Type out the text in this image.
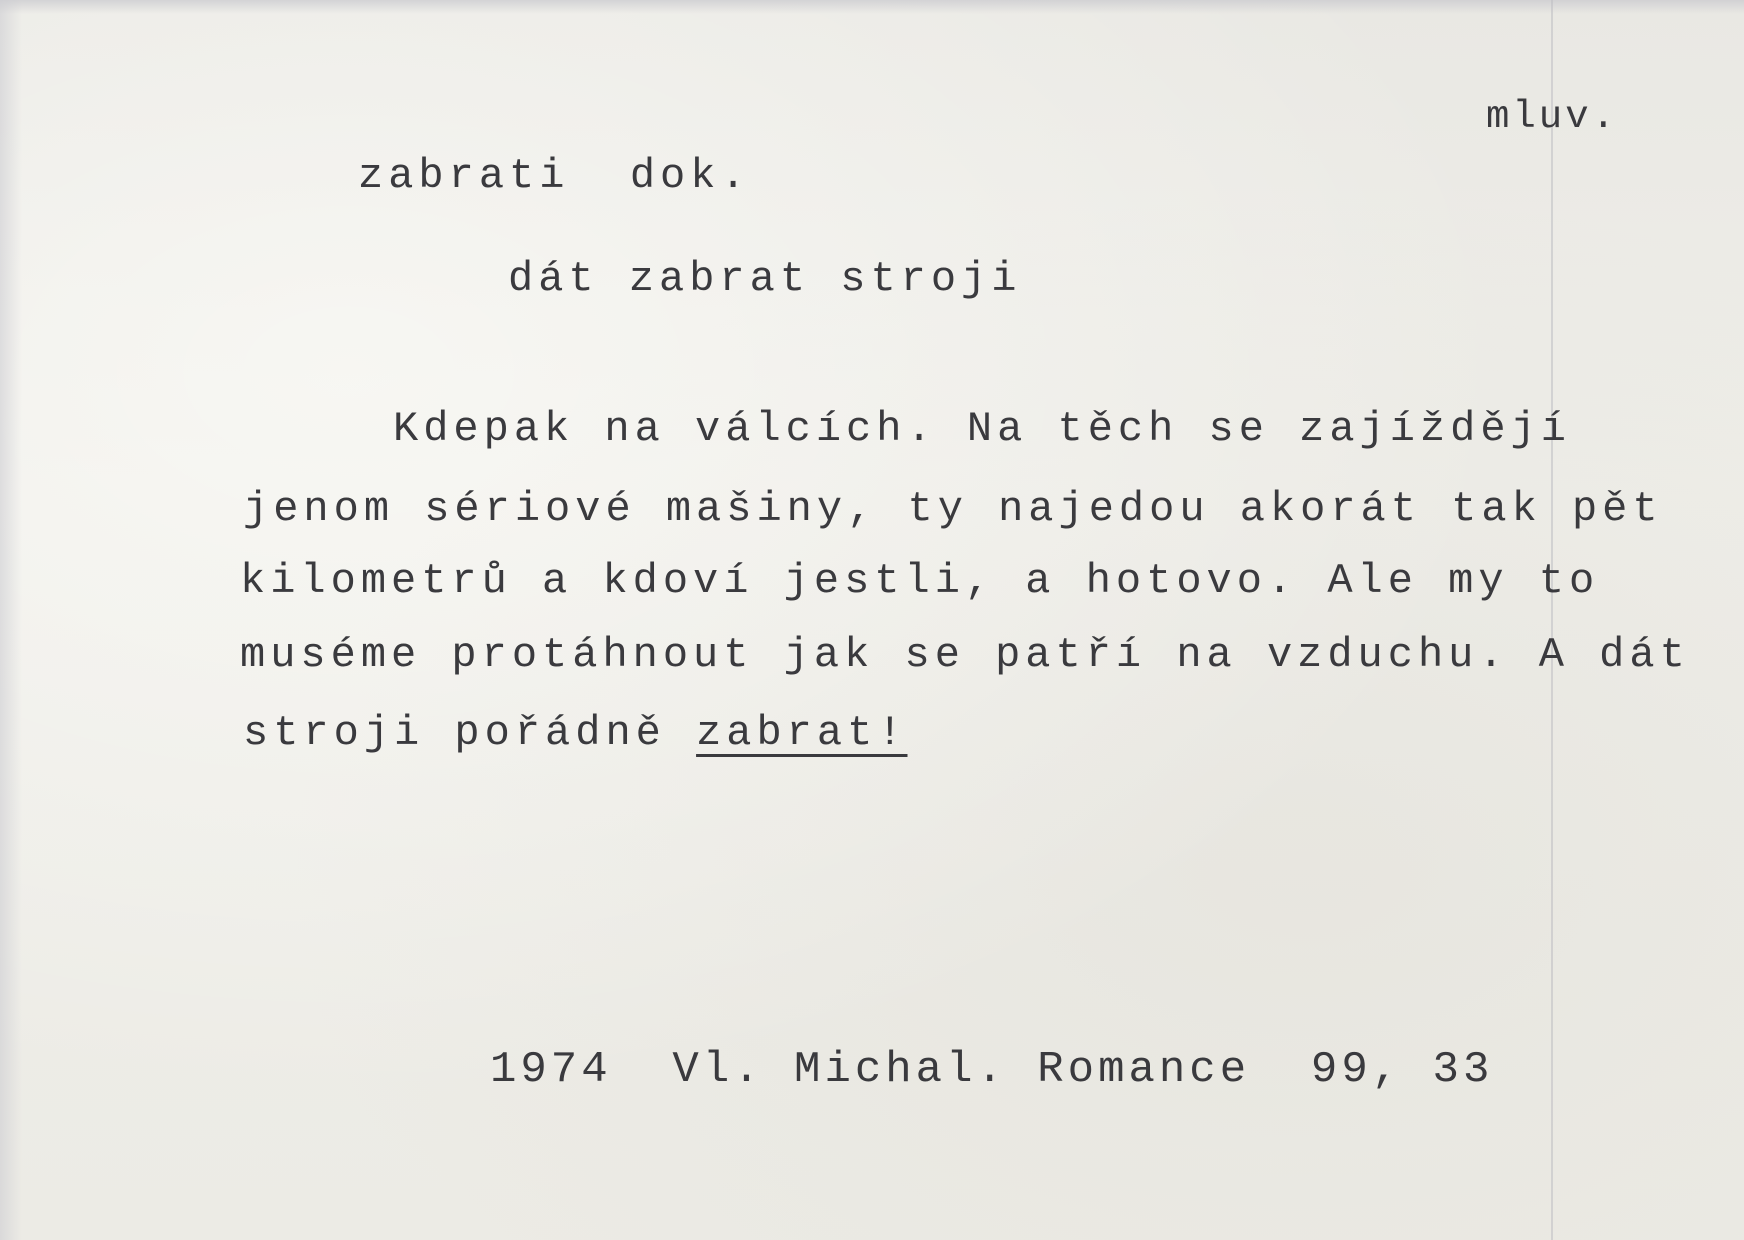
mluv.
zabrati  dok.
dát zabrat stroji
Kdepak na válcích. Na těch se zajíždějí
jenom sériové mašiny, ty najedou akorát tak pět
kilometrů a kdoví jestli, a hotovo. Ale my to
muséme protáhnout jak se patří na vzduchu. A dát
stroji pořádně zabrat!
1974  Vl. Michal. Romance  99, 33
